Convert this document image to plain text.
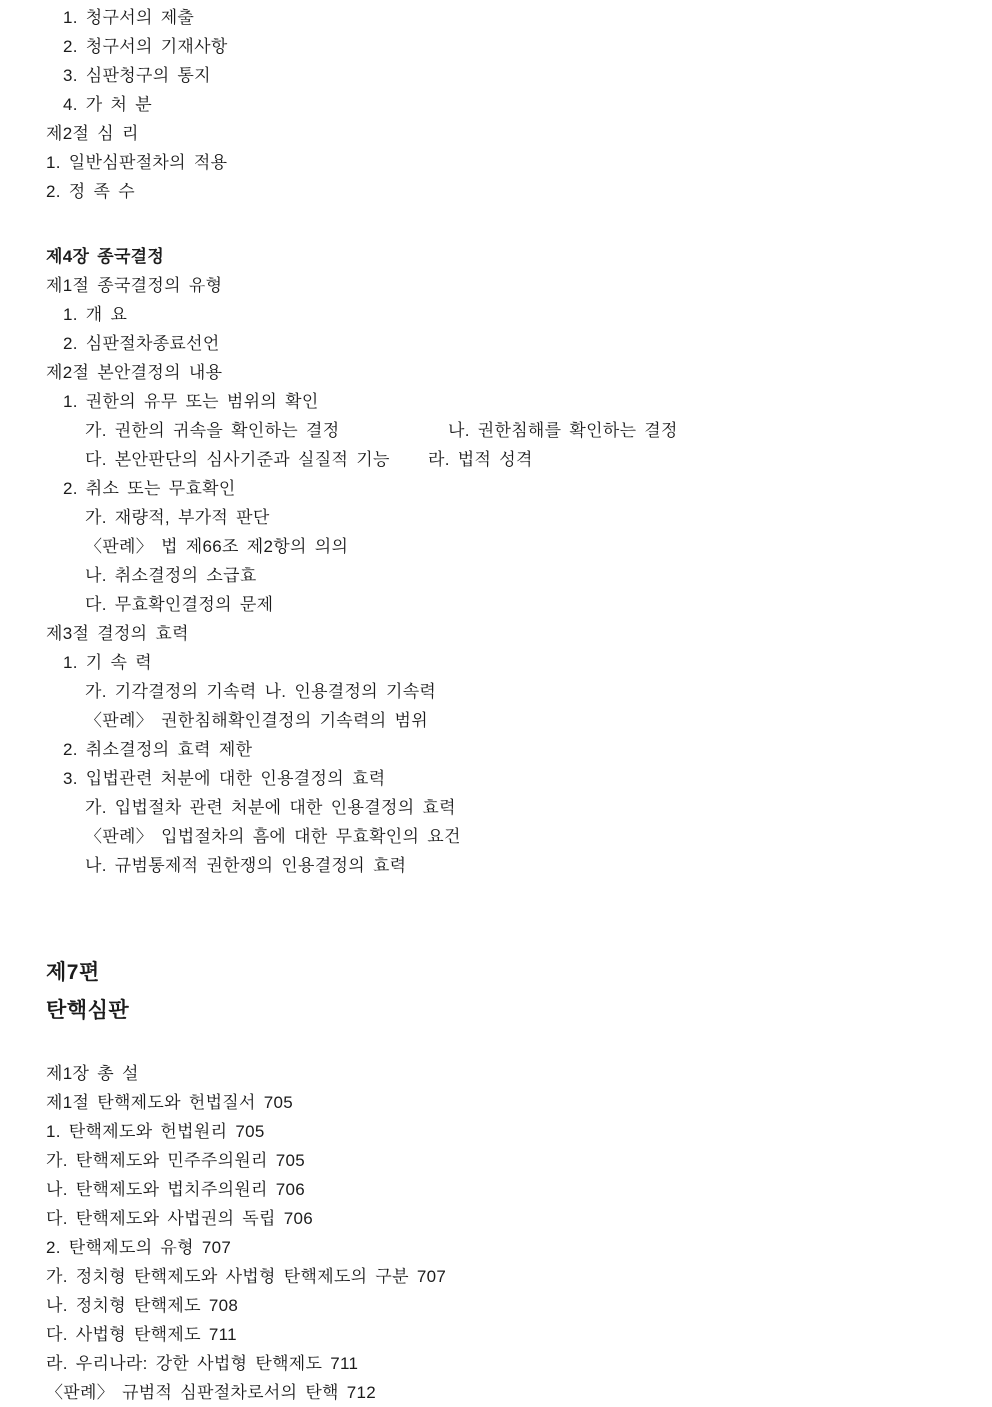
1. 청구서의 제출
2. 청구서의 기재사항
3. 심판청구의 통지
4. 가 처 분
제2절 심 리
1. 일반심판절차의 적용
2. 정 족 수
제4장 종국결정
제1절 종국결정의 유형
1. 개 요
2. 심판절차종료선언
제2절 본안결정의 내용
1. 권한의 유무 또는 범위의 확인
가. 권한의 귀속을 확인하는 결정	나. 권한침해를 확인하는 결정
다. 본안판단의 심사기준과 실질적 기능	라. 법적 성격
2. 취소 또는 무효확인
가. 재량적, 부가적 판단
〈판례〉 법 제66조 제2항의 의의
나. 취소결정의 소급효
다. 무효확인결정의 문제
제3절 결정의 효력
1. 기 속 력
가. 기각결정의 기속력 나. 인용결정의 기속력
〈판례〉 권한침해확인결정의 기속력의 범위
2. 취소결정의 효력 제한
3. 입법관련 처분에 대한 인용결정의 효력
가. 입법절차 관련 처분에 대한 인용결정의 효력
〈판례〉 입법절차의 흠에 대한 무효확인의 요건
나. 규범통제적 권한쟁의 인용결정의 효력
제7편
탄핵심판
제1장 총 설
제1절 탄핵제도와 헌법질서 705
1. 탄핵제도와 헌법원리 705
가. 탄핵제도와 민주주의원리 705
나. 탄핵제도와 법치주의원리 706
다. 탄핵제도와 사법권의 독립 706
2. 탄핵제도의 유형 707
가. 정치형 탄핵제도와 사법형 탄핵제도의 구분 707
나. 정치형 탄핵제도 708
다. 사법형 탄핵제도 711
라. 우리나라: 강한 사법형 탄핵제도 711
〈판례〉 규범적 심판절차로서의 탄핵 712
